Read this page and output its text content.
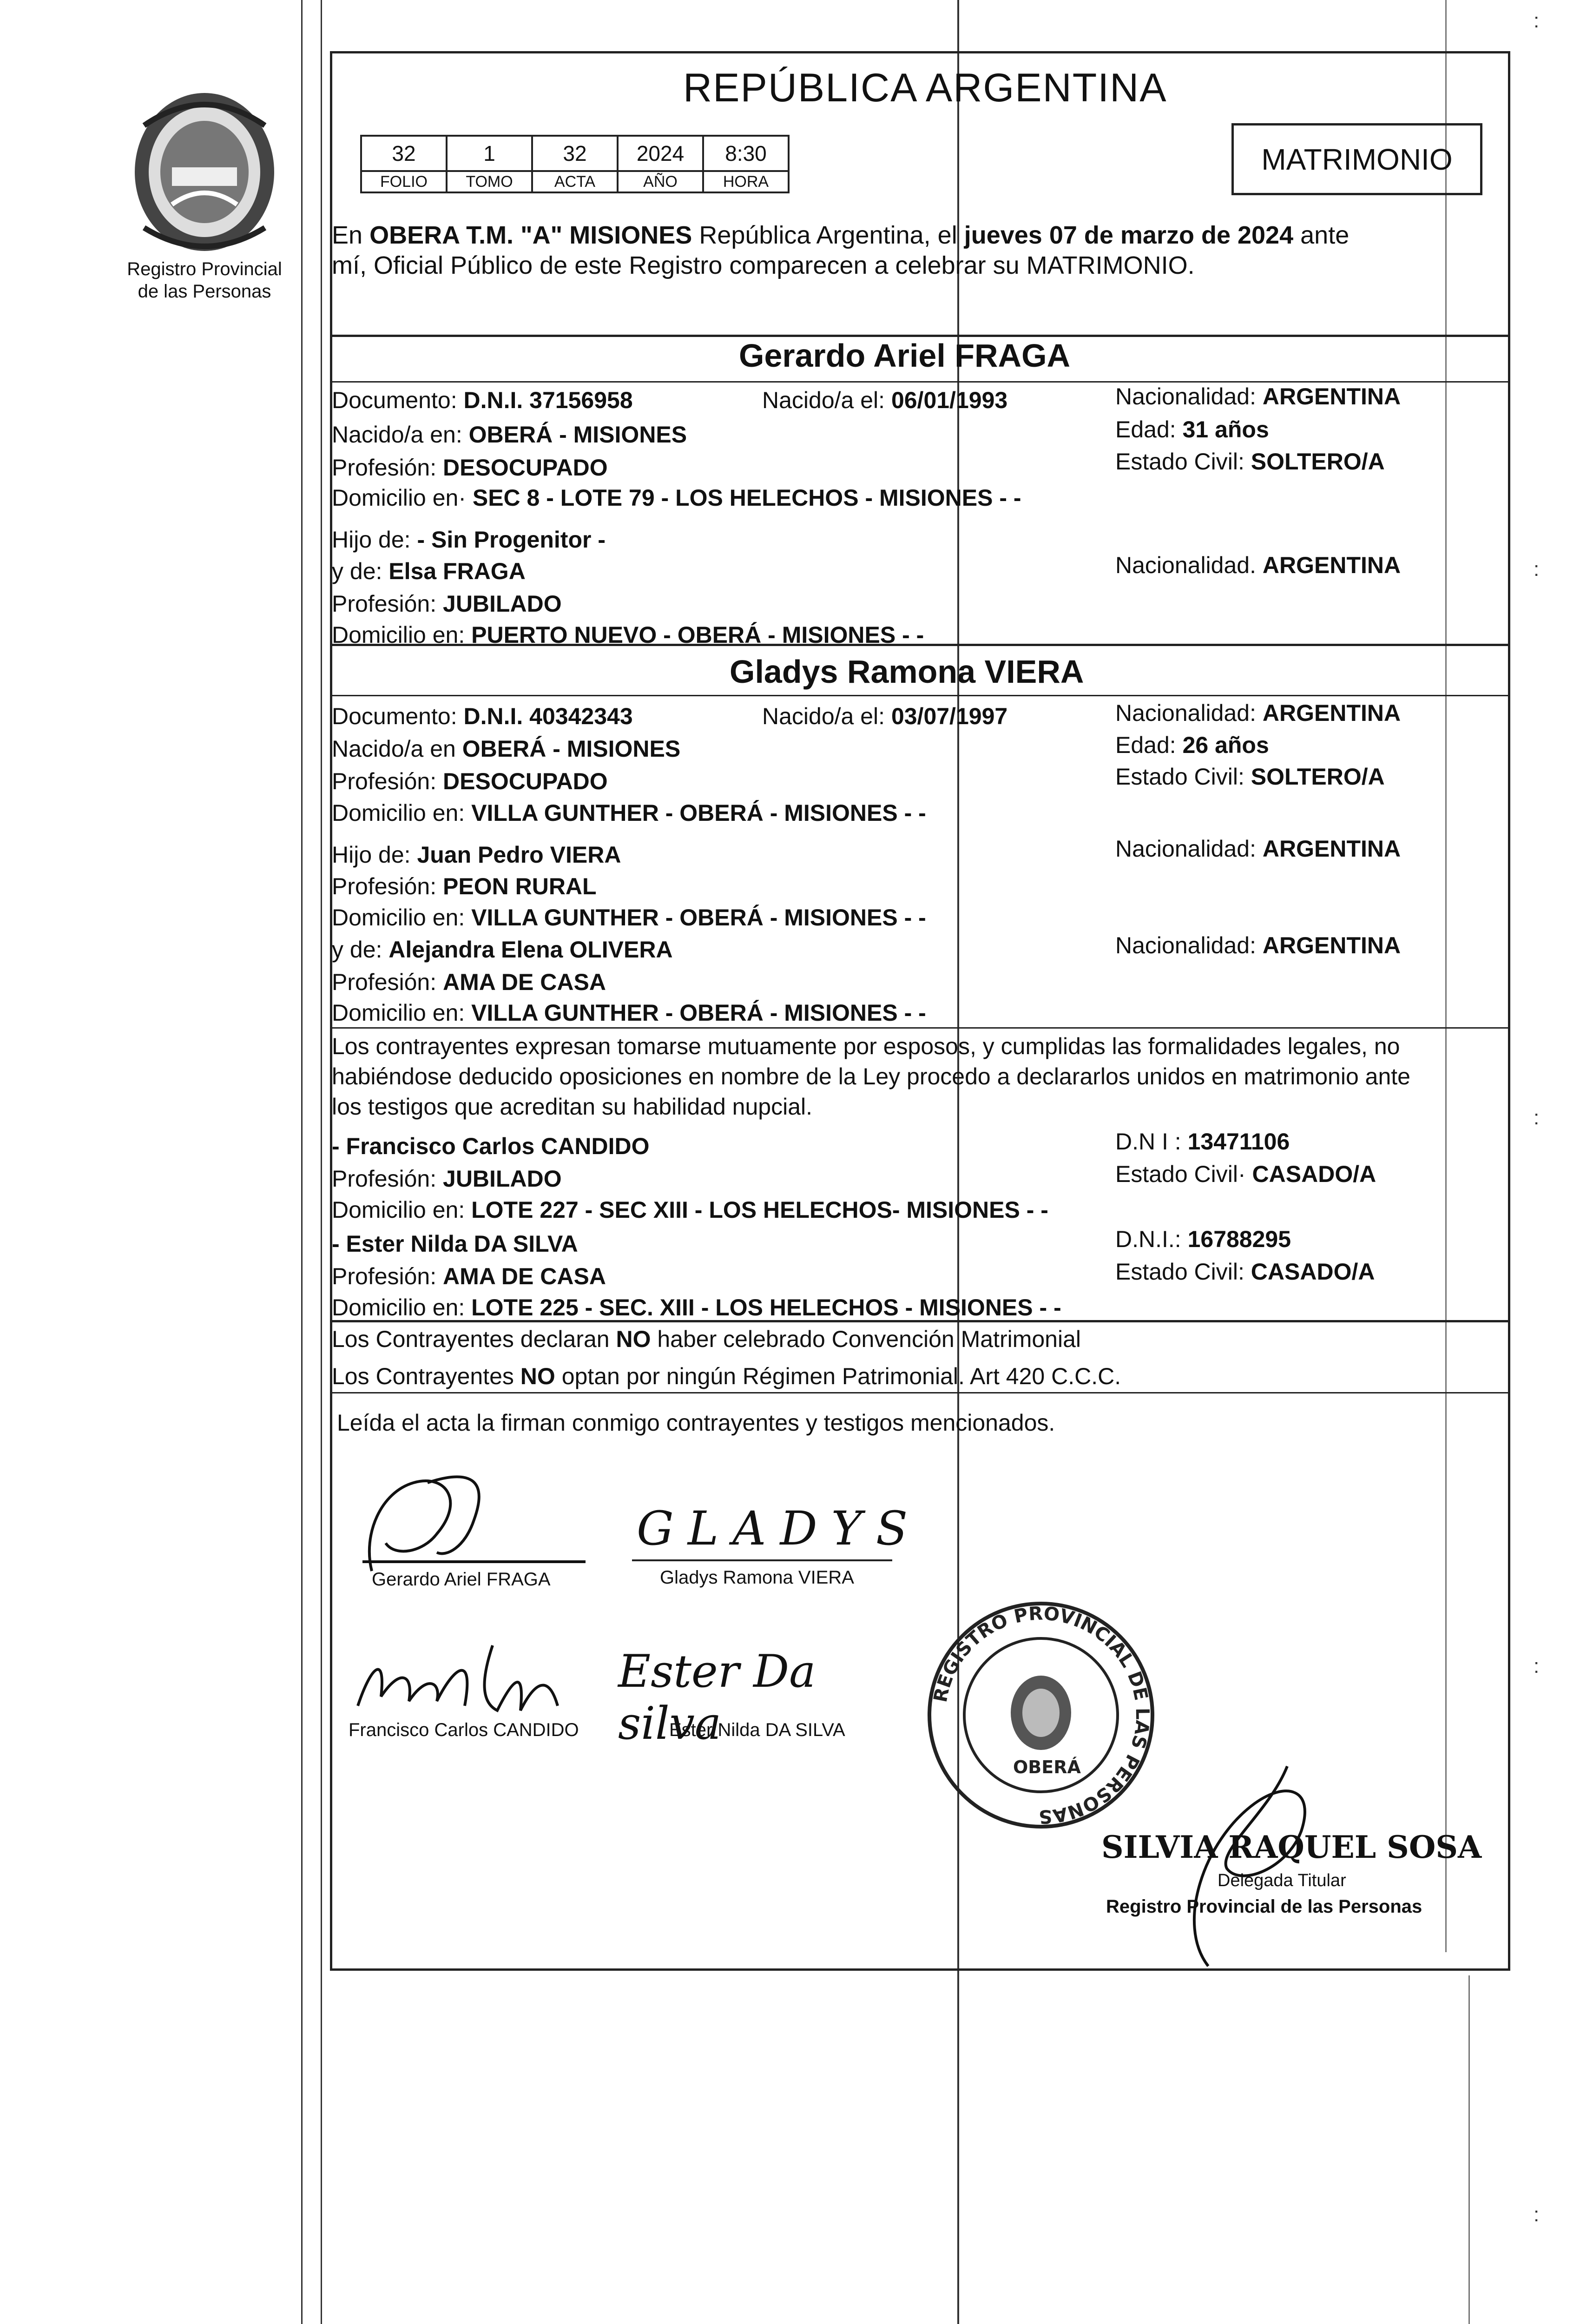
Registro Provincial
de las Personas
REPÚBLICA ARGENTINA
MATRIMONIO
32	1	32	2024	8:30
FOLIO	TOMO	ACTA	AÑO	HORA
En OBERA T.M. "A" MISIONES República Argentina, el jueves 07 de marzo de 2024 ante
mí, Oficial Público de este Registro comparecen a celebrar su MATRIMONIO.
Gerardo Ariel FRAGA
Documento: D.N.I. 37156958	Nacido/a el: 06/01/1993	Nacionalidad: ARGENTINA
Nacido/a en: OBERÁ - MISIONES	Edad: 31 años
Profesión: DESOCUPADO	Estado Civil: SOLTERO/A
Domicilio en· SEC 8 - LOTE 79 - LOS HELECHOS - MISIONES - -
Hijo de: - Sin Progenitor -
y de: Elsa FRAGA	Nacionalidad. ARGENTINA
Profesión: JUBILADO
Domicilio en: PUERTO NUEVO - OBERÁ - MISIONES - -
Gladys Ramona VIERA
Documento: D.N.I. 40342343	Nacido/a el: 03/07/1997	Nacionalidad: ARGENTINA
Nacido/a en OBERÁ - MISIONES	Edad: 26 años
Profesión: DESOCUPADO	Estado Civil: SOLTERO/A
Domicilio en: VILLA GUNTHER - OBERÁ - MISIONES - -
Hijo de: Juan Pedro VIERA	Nacionalidad: ARGENTINA
Profesión: PEON RURAL
Domicilio en: VILLA GUNTHER - OBERÁ - MISIONES - -
y de: Alejandra Elena OLIVERA	Nacionalidad: ARGENTINA
Profesión: AMA DE CASA
Domicilio en: VILLA GUNTHER - OBERÁ - MISIONES - -
Los contrayentes expresan tomarse mutuamente por esposos, y cumplidas las formalidades legales, no
habiéndose deducido oposiciones en nombre de la Ley procedo a declararlos unidos en matrimonio ante
los testigos que acreditan su habilidad nupcial.
- Francisco Carlos CANDIDO	D.N I : 13471106
Profesión: JUBILADO	Estado Civil· CASADO/A
Domicilio en: LOTE 227 - SEC XIII - LOS HELECHOS- MISIONES - -
- Ester Nilda DA SILVA	D.N.I.: 16788295
Profesión: AMA DE CASA	Estado Civil: CASADO/A
Domicilio en: LOTE 225 - SEC. XIII - LOS HELECHOS - MISIONES - -
Los Contrayentes declaran NO haber celebrado Convención Matrimonial
Los Contrayentes NO optan por ningún Régimen Patrimonial. Art 420 C.C.C.
Leída el acta la firman conmigo contrayentes y testigos mencionados.
Gerardo Ariel FRAGA
GLADYS
Gladys Ramona VIERA
Francisco Carlos CANDIDO
Ester Da silva
Ester Nilda DA SILVA
REGISTRO PROVINCIAL DE LAS PERSONAS
OBERÁ
SILVIA RAQUEL SOSA
Delegada Titular
Registro Provincial de las Personas
:
:
:
:
:
